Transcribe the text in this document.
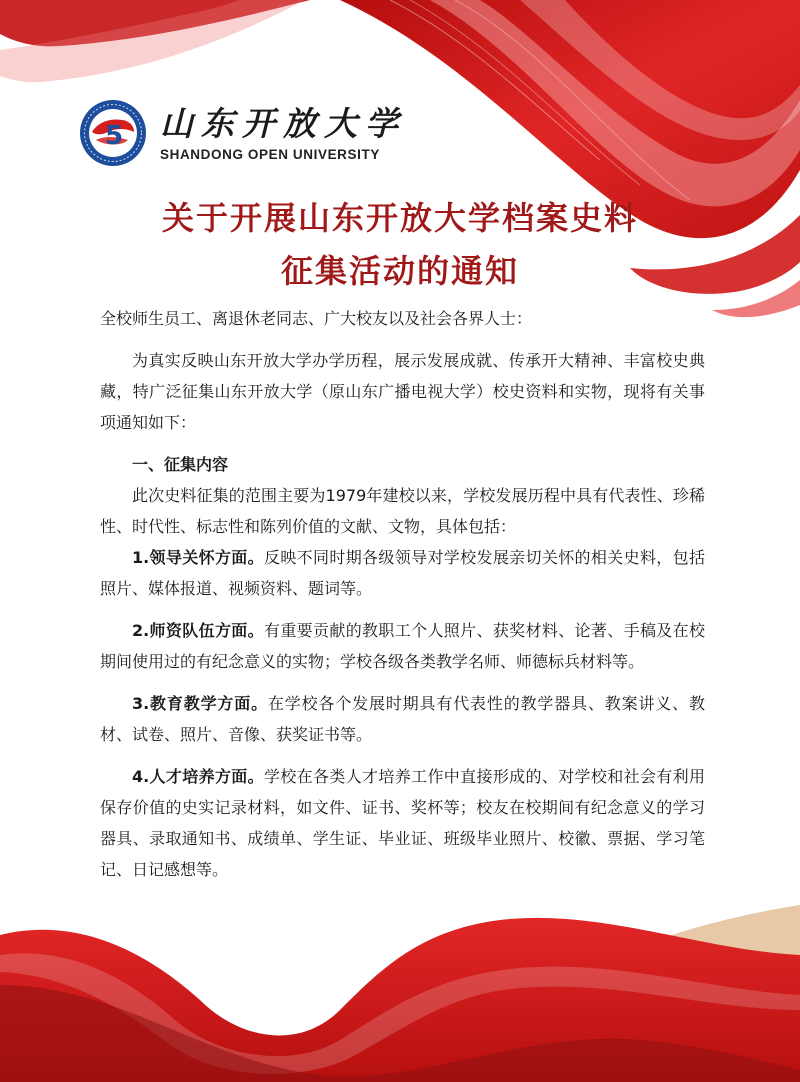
5 山东开放大学
SHANDONG OPEN UNIVERSITY
关于开展山东开放大学档案史料
征集活动的通知

全校师生员工、离退休老同志、广大校友以及社会各界人士：

为真实反映山东开放大学办学历程，展示发展成就、传承开大精神、丰富校史典藏，特广泛征集山东开放大学（原山东广播电视大学）校史资料和实物，现将有关事项通知如下：

一、征集内容

此次史料征集的范围主要为1979年建校以来，学校发展历程中具有代表性、珍稀性、时代性、标志性和陈列价值的文献、文物，具体包括：

1.领导关怀方面。反映不同时期各级领导对学校发展亲切关怀的相关史料，包括照片、媒体报道、视频资料、题词等。

2.师资队伍方面。有重要贡献的教职工个人照片、获奖材料、论著、手稿及在校期间使用过的有纪念意义的实物；学校各级各类教学名师、师德标兵材料等。

3.教育教学方面。在学校各个发展时期具有代表性的教学器具、教案讲义、教材、试卷、照片、音像、获奖证书等。

4.人才培养方面。学校在各类人才培养工作中直接形成的、对学校和社会有利用保存价值的史实记录材料，如文件、证书、奖杯等；校友在校期间有纪念意义的学习器具、录取通知书、成绩单、学生证、毕业证、班级毕业照片、校徽、票据、学习笔记、日记感想等。
